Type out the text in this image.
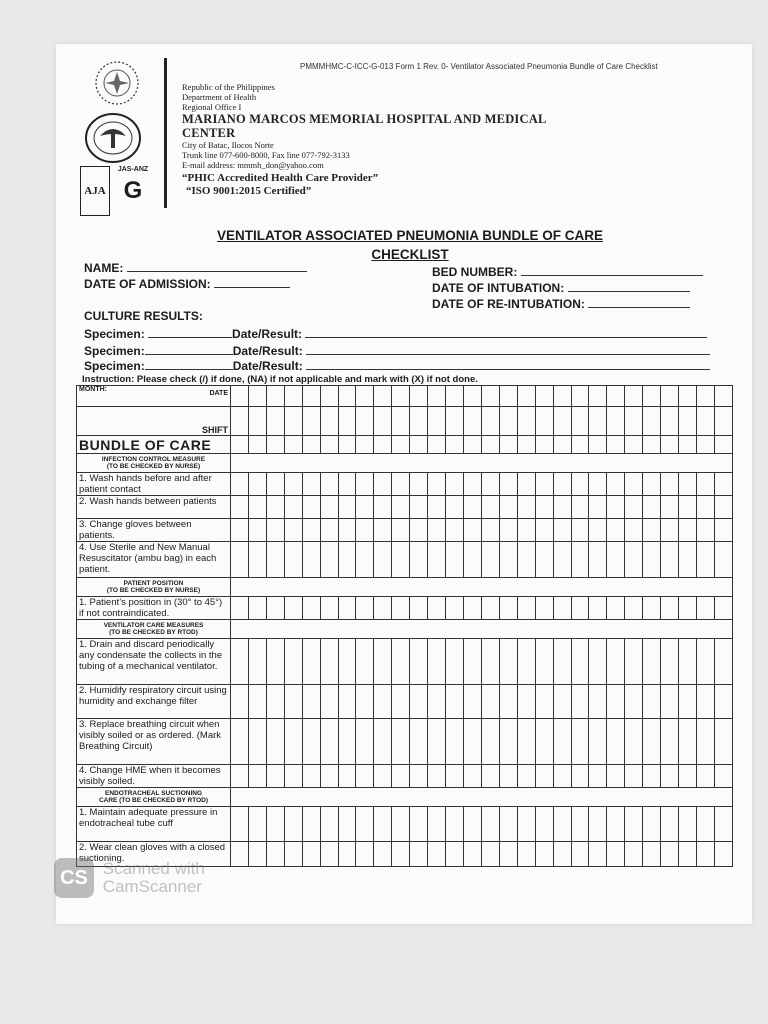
PMMMHMC-C-ICC-G-013 Form 1 Rev. 0- Ventilator Associated Pneumonia Bundle of Care Checklist
AJA
JAS-ANZ
G
Republic of the Philippines
Department of Health
Regional Office I
MARIANO MARCOS MEMORIAL HOSPITAL AND MEDICAL CENTER
City of Batac, Ilocos Norte
Trunk line 077-600-8000, Fax line 077-792-3133
E-mail address: mmmh_don@yahoo.com
“PHIC Accredited Health Care Provider”
“ISO 9001:2015 Certified”
VENTILATOR ASSOCIATED PNEUMONIA BUNDLE OF CARE
CHECKLIST
NAME:
DATE OF ADMISSION:
BED NUMBER:
DATE OF INTUBATION:
DATE OF RE-INTUBATION:
CULTURE RESULTS:
Specimen:	Date/Result:
Specimen:	Date/Result:
Specimen:	Date/Result:
Instruction: Please check (/) if done, (NA) if not applicable and mark with (X) if not done.
MONTH:
DATE																												

SHIFT																												
BUNDLE OF CARE																												

INFECTION CONTROL MEASURE
(TO BE CHECKED BY NURSE)																												

1. Wash hands before and after patient contact																												
2. Wash hands between patients																												
3. Change gloves between patients.																												
4. Use Sterile and New Manual Resuscitator (ambu bag) in each patient.																												

PATIENT POSITION
(TO BE CHECKED BY NURSE)																												

1. Patient’s position in (30° to 45°) if not contraindicated.																												

VENTILATOR CARE MEASURES
(TO BE CHECKED BY RTOD)																												

1. Drain and discard periodically any condensate the collects in the tubing of a mechanical ventilator.																												
2. Humidify respiratory circuit using humidity and exchange filter																												
3. Replace breathing circuit when visibly soiled or as ordered. (Mark Breathing Circuit)																												
4. Change HME when it becomes visibly soiled.																												

ENDOTRACHEAL SUCTIONING
CARE (TO BE CHECKED BY RTOD)																												

1. Maintain adequate pressure in endotracheal tube cuff																												
2. Wear clean gloves with a closed suctioning.																												
CS Scanned with
CamScanner
